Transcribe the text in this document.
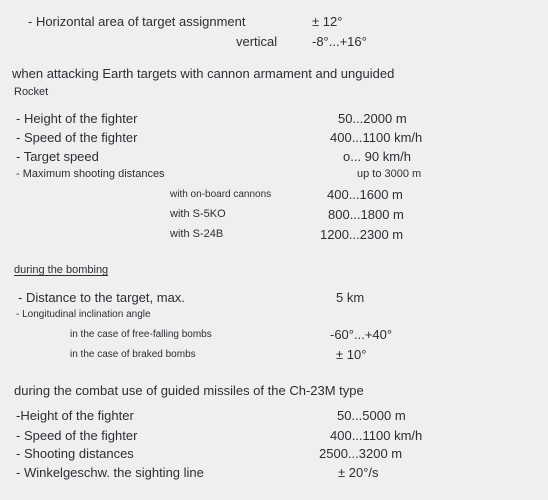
- Horizontal area of target assignment	± 12°
vertical	-8°...+16°
when attacking Earth targets with cannon armament and unguided
Rocket
- Height of the fighter	50...2000 m
- Speed of the fighter	400...1100 km/h
- Target speed	o... 90 km/h
- Maximum shooting distances	up to 3000 m
with on-board cannons	400...1600 m
with S-5KO	800...1800 m
with S-24B	1200...2300 m
during the bombing
- Distance to the target, max.	5 km
- Longitudinal inclination angle
in the case of free-falling bombs	-60°...+40°
in the case of braked bombs	± 10°
during the combat use of guided missiles of the Ch-23M type
-Height of the fighter	50...5000 m
- Speed of the fighter	400...1100 km/h
- Shooting distances	2500...3200 m
- Winkelgeschw. the sighting line	± 20°/s
